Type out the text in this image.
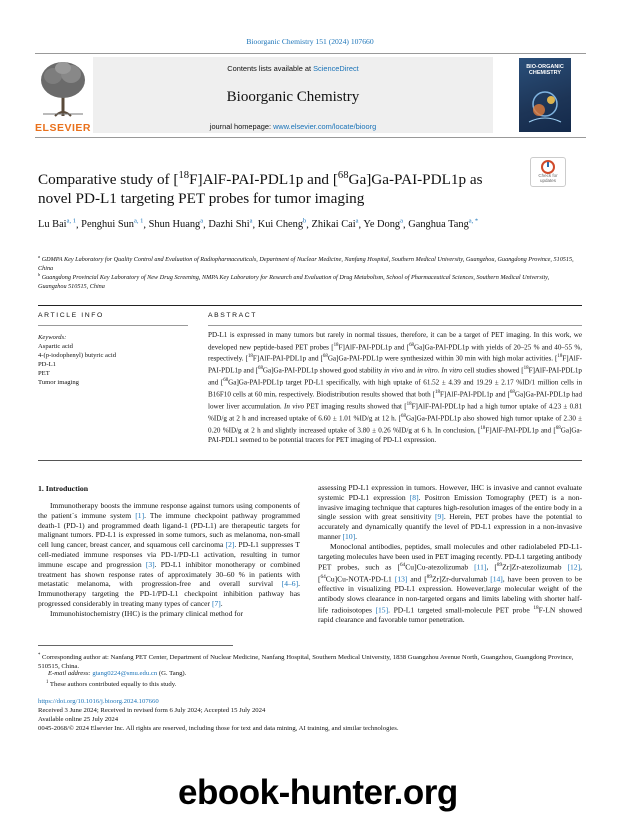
Bioorganic Chemistry 151 (2024) 107660
ELSEVIER
Contents lists available at ScienceDirect
Bioorganic Chemistry
journal homepage: www.elsevier.com/locate/bioorg
BIO-ORGANIC CHEMISTRY
Comparative study of [$^{18}$F]AlF-PAI-PDL1p and [$^{68}$Ga]Ga-PAI-PDL1p as novel PD-L1 targeting PET probes for tumor imaging
Check for updates
Lu Bai$^{a, 1}$, Penghui Sun$^{a, 1}$, Shun Huang$^a$, Dazhi Shi$^a$, Kui Cheng$^b$, Zhikai Cai$^a$, Ye Dong$^a$, Ganghua Tang$^{a, *}$
$^a$ GDMPA Key Laboratory for Quality Control and Evaluation of Radiopharmaceuticals, Department of Nuclear Medicine, Nanfang Hospital, Southern Medical University, Guangzhou, Guangdong Province, 510515, China
$^b$ Guangdong Provincial Key Laboratory of New Drug Screening, NMPA Key Laboratory for Research and Evaluation of Drug Metabolism, School of Pharmaceutical Sciences, Southern Medical University, Guangzhou 510515, China
ARTICLE INFO	ABSTRACT
Keywords:
Aspartic acid
4-(p-iodophenyl) butyric acid
PD-L1
PET
Tumor imaging
PD-L1 is expressed in many tumors but rarely in normal tissues, therefore, it can be a target of PET imaging. In this work, we developed new peptide-based PET probes [$^{18}$F]AlF-PAI-PDL1p and [$^{68}$Ga]Ga-PAI-PDL1p with yields of 20–25 % and 40–55 %, respectively. [$^{18}$F]AlF-PAI-PDL1p and [$^{68}$Ga]Ga-PAI-PDL1p were synthesized within 30 min with high molar activities. [$^{18}$F]AlF-PAI-PDL1p and [$^{68}$Ga]Ga-PAI-PDL1p showed good stability in vivo and in vitro. In vitro cell studies showed [$^{18}$F]AlF-PAI-PDL1p and [$^{68}$Ga]Ga-PAI-PDL1p target PD-L1 specifically, with high uptake of 61.52 ± 4.39 and 19.29 ± 2.17 %ID/1 million cells in B16F10 cells at 60 min, respectively. Biodistribution results showed that both [$^{18}$F]AlF-PAI-PDL1p and [$^{68}$Ga]Ga-PAI-PDL1p had lower liver accumulation. In vivo PET imaging results showed that [$^{18}$F]AlF-PAI-PDL1p had a high tumor uptake of 4.23 ± 0.81 %ID/g at 2 h and increased uptake of 6.60 ± 1.01 %ID/g at 12 h. [$^{68}$Ga]Ga-PAI-PDL1p also showed high tumor uptake of 2.30 ± 0.20 %ID/g at 2 h and slightly increased uptake of 3.80 ± 0.26 %ID/g at 6 h. In conclusion, [$^{18}$F]AlF-PAI-PDL1p and [$^{68}$Ga]Ga-PAI-PDL1 seemed to be potential tracers for PET imaging of PD-L1 expression.
1. Introduction

Immunotherapy boosts the immune response against tumors using components of the patient`s immune system [1]. The immune checkpoint pathway programmed death-1 (PD-1) and programmed death ligand-1 (PD-L1) are therapeutic targets for malignant tumors. PD-L1 is expressed in some tumors, such as melanoma, non-small cell lung cancer, breast cancer, and squamous cell carcinoma [2]. PD-L1 suppresses T cell-mediated immune responses via PD-1/PD-L1 activation, resulting in tumor immune escape and progression [3]. PD-L1 inhibitor monotherapy or combined treatment has shown response rates of approximately 30–60 % in patients with metastatic melanoma, with progression-free and overall survival [4–6]. Immunotherapy targeting the PD-1/PD-L1 checkpoint inhibition pathway has progressed considerably in treating many types of cancer [7].

Immunohistochemistry (IHC) is the primary clinical method for

assessing PD-L1 expression in tumors. However, IHC is invasive and cannot evaluate systemic PD-L1 expression [8]. Positron Emission Tomography (PET) is a non-invasive imaging technique that captures high-resolution images of the entire body in a single session with great sensitivity [9]. Herein, PET probes have the potential to accurately and dynamically quantify the level of PD-L1 expression in a non-invasive manner [10].

Monoclonal antibodies, peptides, small molecules and other radiolabeled PD-L1-targeting molecules have been used in PET imaging recently. PD-L1 targeting antibody PET probes, such as [$^{64}$Cu]Cu-atezolizumab [11], [$^{89}$Zr]Zr-atezolizumab [12], [$^{64}$Cu]Cu-NOTA-PD-L1 [13] and [$^{89}$Zr]Zr-durvalumab [14], have been proven to be effective in visualizing PD-L1 expression. However,large molecular weight of the antibody slows clearance in non-targeted organs and limits labeling with shorter half-life radioisotopes [15]. PD-L1 targeted small-molecule PET probe $^{18}$F-LN showed rapid clearance and favorable tumor penetration.

* Corresponding author at: Nanfang PET Center, Department of Nuclear Medicine, Nanfang Hospital, Southern Medical University, 1838 Guangzhou Avenue North, Guangzhou, Guangdong Province, 510515, China.
E-mail address: gtang0224@smu.edu.cn (G. Tang).
$^1$ These authors contributed equally to this study.
https://doi.org/10.1016/j.bioorg.2024.107660
Received 3 June 2024; Received in revised form 6 July 2024; Accepted 15 July 2024
Available online 25 July 2024
0045-2068/© 2024 Elsevier Inc. All rights are reserved, including those for text and data mining, AI training, and similar technologies.
ebook-hunter.org
